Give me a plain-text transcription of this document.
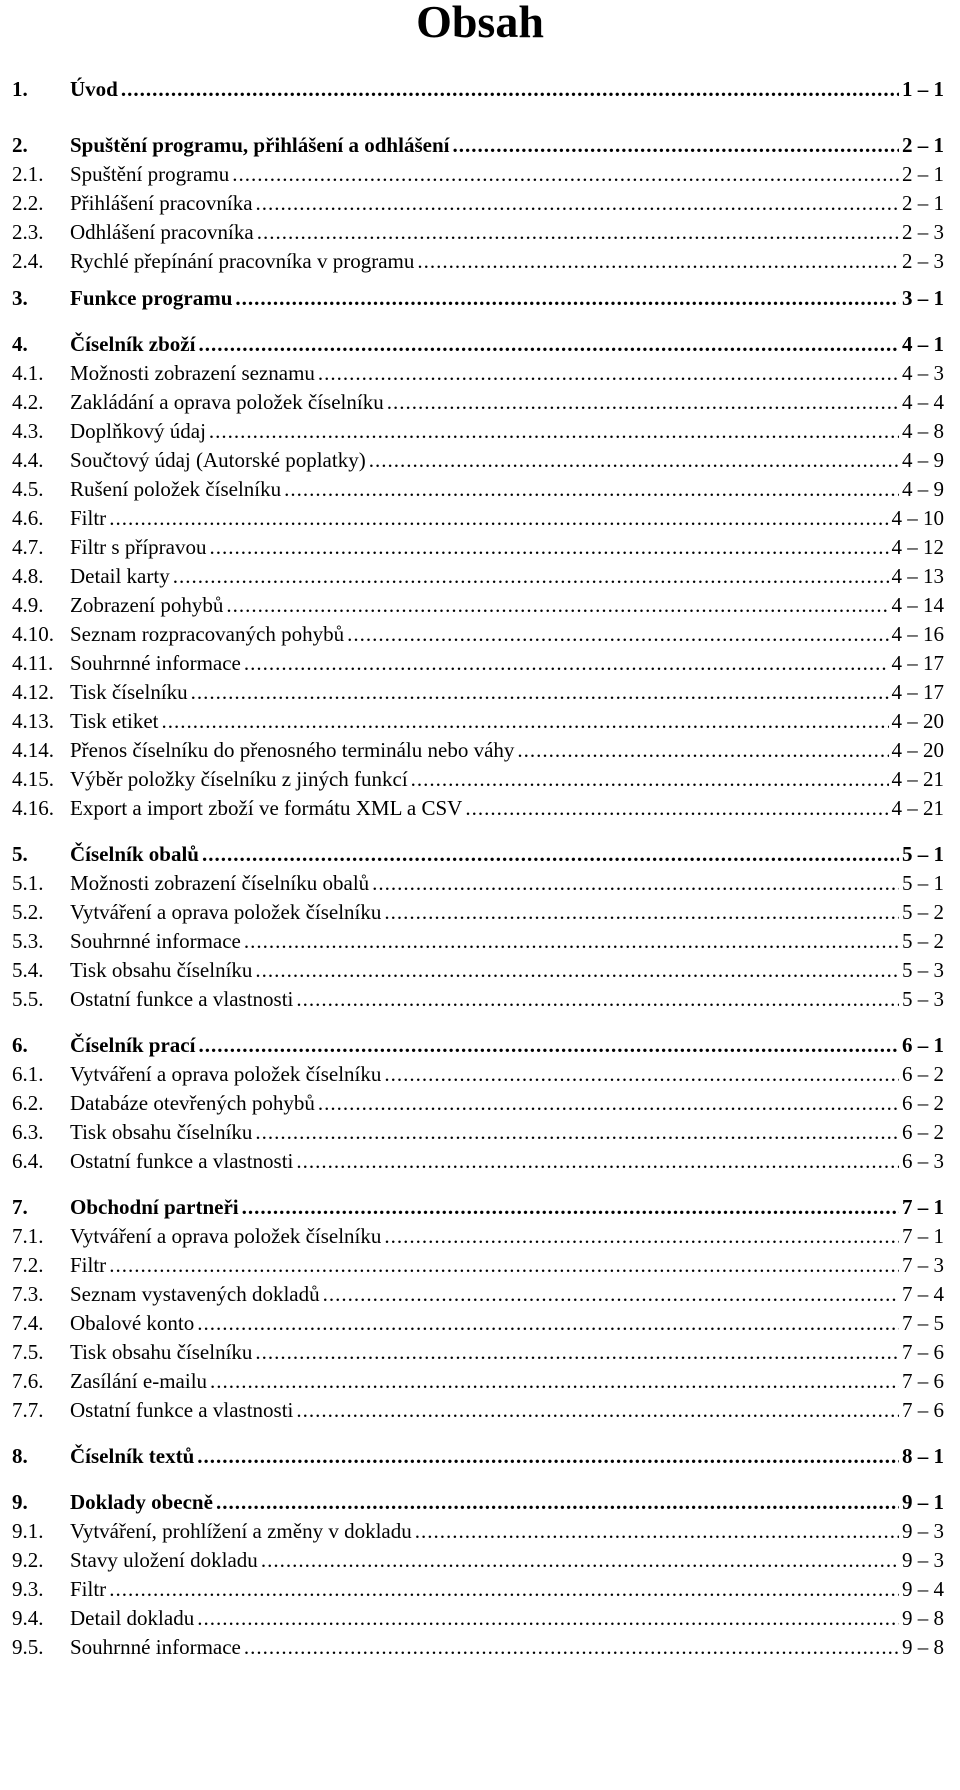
Obsah
1.	Úvod .....	1 – 1
2.	Spuštění programu, přihlášení a odhlášení .....	2 – 1
2.1.	Spuštění programu .....	2 – 1
2.2.	Přihlášení pracovníka .....	2 – 1
2.3.	Odhlášení pracovníka .....	2 – 3
2.4.	Rychlé přepínání pracovníka v programu .....	2 – 3
3.	Funkce programu .....	3 – 1
4.	Číselník zboží .....	4 – 1
4.1.	Možnosti zobrazení seznamu .....	4 – 3
4.2.	Zakládání a oprava položek číselníku .....	4 – 4
4.3.	Doplňkový údaj .....	4 – 8
4.4.	Součtový údaj (Autorské poplatky) .....	4 – 9
4.5.	Rušení položek číselníku .....	4 – 9
4.6.	Filtr .....	4 – 10
4.7.	Filtr s přípravou .....	4 – 12
4.8.	Detail karty .....	4 – 13
4.9.	Zobrazení pohybů .....	4 – 14
4.10. Seznam rozpracovaných pohybů .....	4 – 16
4.11. Souhrnné informace .....	4 – 17
4.12. Tisk číselníku .....	4 – 17
4.13. Tisk etiket .....	4 – 20
4.14. Přenos číselníku do přenosného terminálu nebo váhy .....	4 – 20
4.15. Výběr položky číselníku z jiných funkcí .....	4 – 21
4.16. Export a import zboží ve formátu XML a CSV .....	4 – 21
5.	Číselník obalů .....	5 – 1
5.1.	Možnosti zobrazení číselníku obalů .....	5 – 1
5.2.	Vytváření a oprava položek číselníku .....	5 – 2
5.3.	Souhrnné informace .....	5 – 2
5.4.	Tisk obsahu číselníku .....	5 – 3
5.5.	Ostatní funkce a vlastnosti .....	5 – 3
6.	Číselník prací .....	6 – 1
6.1.	Vytváření a oprava položek číselníku .....	6 – 2
6.2.	Databáze otevřených pohybů .....	6 – 2
6.3.	Tisk obsahu číselníku .....	6 – 2
6.4.	Ostatní funkce a vlastnosti .....	6 – 3
7.	Obchodní partneři .....	7 – 1
7.1.	Vytváření a oprava položek číselníku .....	7 – 1
7.2.	Filtr .....	7 – 3
7.3.	Seznam vystavených dokladů .....	7 – 4
7.4.	Obalové konto .....	7 – 5
7.5.	Tisk obsahu číselníku .....	7 – 6
7.6.	Zasílání e-mailu .....	7 – 6
7.7.	Ostatní funkce a vlastnosti .....	7 – 6
8.	Číselník textů .....	8 – 1
9.	Doklady obecně .....	9 – 1
9.1.	Vytváření, prohlížení a změny v dokladu .....	9 – 3
9.2.	Stavy uložení dokladu .....	9 – 3
9.3.	Filtr .....	9 – 4
9.4.	Detail dokladu .....	9 – 8
9.5.	Souhrnné informace .....	9 – 8
